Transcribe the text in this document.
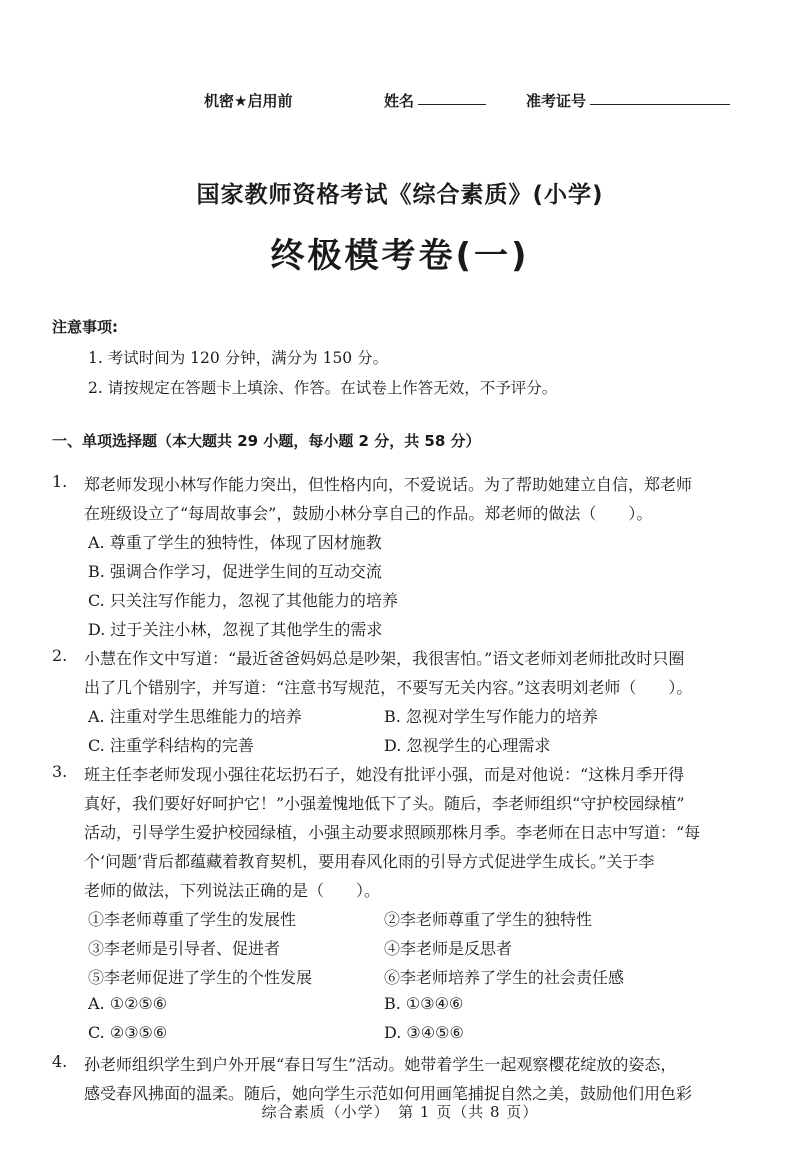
机密★启用前	姓名	准考证号
国家教师资格考试《综合素质》(小学)
终极模考卷(一)
注意事项:
1. 考试时间为 120 分钟，满分为 150 分。
2. 请按规定在答题卡上填涂、作答。在试卷上作答无效，不予评分。
一、单项选择题（本大题共 29 小题，每小题 2 分，共 58 分）
1. 郑老师发现小林写作能力突出，但性格内向，不爱说话。为了帮助她建立自信，郑老师
在班级设立了“每周故事会”，鼓励小林分享自己的作品。郑老师的做法（　　）。
A. 尊重了学生的独特性，体现了因材施教
B. 强调合作学习，促进学生间的互动交流
C. 只关注写作能力，忽视了其他能力的培养
D. 过于关注小林，忽视了其他学生的需求
2. 小慧在作文中写道：“最近爸爸妈妈总是吵架，我很害怕。”语文老师刘老师批改时只圈
出了几个错别字，并写道：“注意书写规范，不要写无关内容。”这表明刘老师（　　）。
A. 注重对学生思维能力的培养	B. 忽视对学生写作能力的培养
C. 注重学科结构的完善	D. 忽视学生的心理需求
3. 班主任李老师发现小强往花坛扔石子，她没有批评小强，而是对他说：“这株月季开得
真好，我们要好好呵护它！”小强羞愧地低下了头。随后，李老师组织“守护校园绿植”
活动，引导学生爱护校园绿植，小强主动要求照顾那株月季。李老师在日志中写道：“每
个‘问题’背后都蕴藏着教育契机，要用春风化雨的引导方式促进学生成长。”关于李
老师的做法，下列说法正确的是（　　）。
①李老师尊重了学生的发展性	②李老师尊重了学生的独特性
③李老师是引导者、促进者	④李老师是反思者
⑤李老师促进了学生的个性发展	⑥李老师培养了学生的社会责任感
A. ①②⑤⑥	B. ①③④⑥
C. ②③⑤⑥	D. ③④⑤⑥
4. 孙老师组织学生到户外开展“春日写生”活动。她带着学生一起观察樱花绽放的姿态，
感受春风拂面的温柔。随后，她向学生示范如何用画笔捕捉自然之美，鼓励他们用色彩
综合素质（小学）　第 1 页（共 8 页）
